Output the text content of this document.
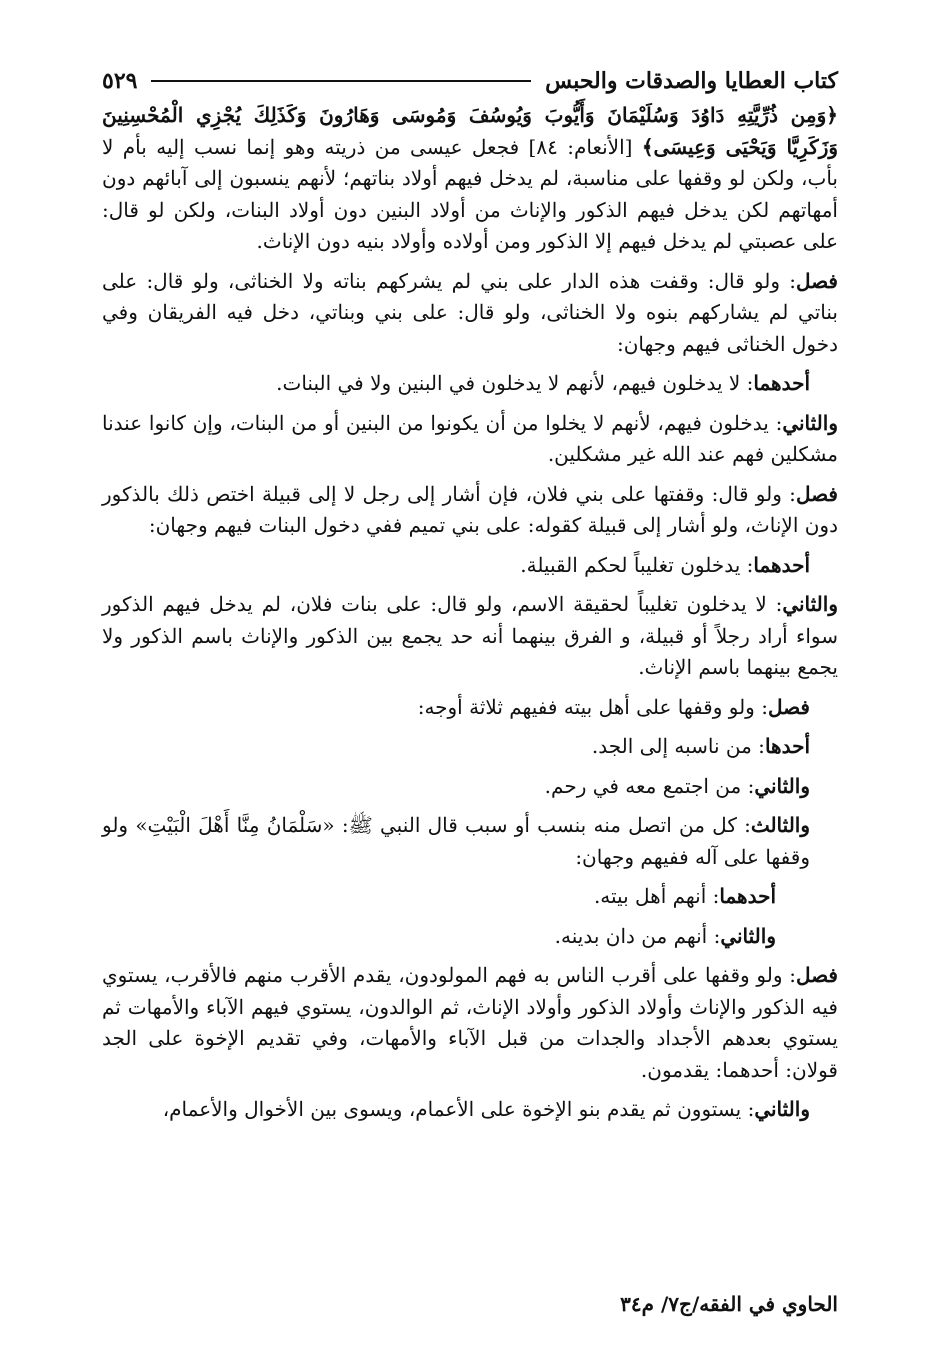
كتاب العطايا والصدقات والحبس
٥٢٩

﴿وَمِن ذُرِّيَّتِهِ دَاوُدَ وَسُلَيْمَانَ وَأَيُّوبَ وَيُوسُفَ وَمُوسَى وَهَارُونَ وَكَذَلِكَ يُجْزِي الْمُحْسِنِينَ وَزَكَرِيَّا وَيَحْيَى وَعِيسَى﴾ [الأنعام: ٨٤] فجعل عيسى من ذريته وهو إنما نسب إليه بأم لا بأب، ولكن لو وقفها على مناسبة، لم يدخل فيهم أولاد بناتهم؛ لأنهم ينسبون إلى آبائهم دون أمهاتهم لكن يدخل فيهم الذكور والإناث من أولاد البنين دون أولاد البنات، ولكن لو قال: على عصبتي لم يدخل فيهم إلا الذكور ومن أولاده وأولاد بنيه دون الإناث.

فصل: ولو قال: وقفت هذه الدار على بني لم يشركهم بناته ولا الخناثى، ولو قال: على بناتي لم يشاركهم بنوه ولا الخناثى، ولو قال: على بني وبناتي، دخل فيه الفريقان وفي دخول الخناثى فيهم وجهان:

أحدهما: لا يدخلون فيهم، لأنهم لا يدخلون في البنين ولا في البنات.

والثاني: يدخلون فيهم، لأنهم لا يخلوا من أن يكونوا من البنين أو من البنات، وإن كانوا عندنا مشكلين فهم عند الله غير مشكلين.

فصل: ولو قال: وقفتها على بني فلان، فإن أشار إلى رجل لا إلى قبيلة اختص ذلك بالذكور دون الإناث، ولو أشار إلى قبيلة كقوله: على بني تميم ففي دخول البنات فيهم وجهان:

أحدهما: يدخلون تغليباً لحكم القبيلة.

والثاني: لا يدخلون تغليباً لحقيقة الاسم، ولو قال: على بنات فلان، لم يدخل فيهم الذكور سواء أراد رجلاً أو قبيلة، و الفرق بينهما أنه حد يجمع بين الذكور والإناث باسم الذكور ولا يجمع بينهما باسم الإناث.

فصل: ولو وقفها على أهل بيته ففيهم ثلاثة أوجه:

أحدها: من ناسبه إلى الجد.

والثاني: من اجتمع معه في رحم.

والثالث: كل من اتصل منه بنسب أو سبب قال النبي ﷺ: «سَلْمَانُ مِنَّا أَهْلَ الْبَيْتِ» ولو وقفها على آله ففيهم وجهان:

أحدهما: أنهم أهل بيته.

والثاني: أنهم من دان بدينه.

فصل: ولو وقفها على أقرب الناس به فهم المولودون، يقدم الأقرب منهم فالأقرب، يستوي فيه الذكور والإناث وأولاد الذكور وأولاد الإناث، ثم الوالدون، يستوي فيهم الآباء والأمهات ثم يستوي بعدهم الأجداد والجدات من قبل الآباء والأمهات، وفي تقديم الإخوة على الجد قولان: أحدهما: يقدمون.

والثاني: يستوون ثم يقدم بنو الإخوة على الأعمام، ويسوى بين الأخوال والأعمام،

الحاوي في الفقه/ج٧/ م٣٤
